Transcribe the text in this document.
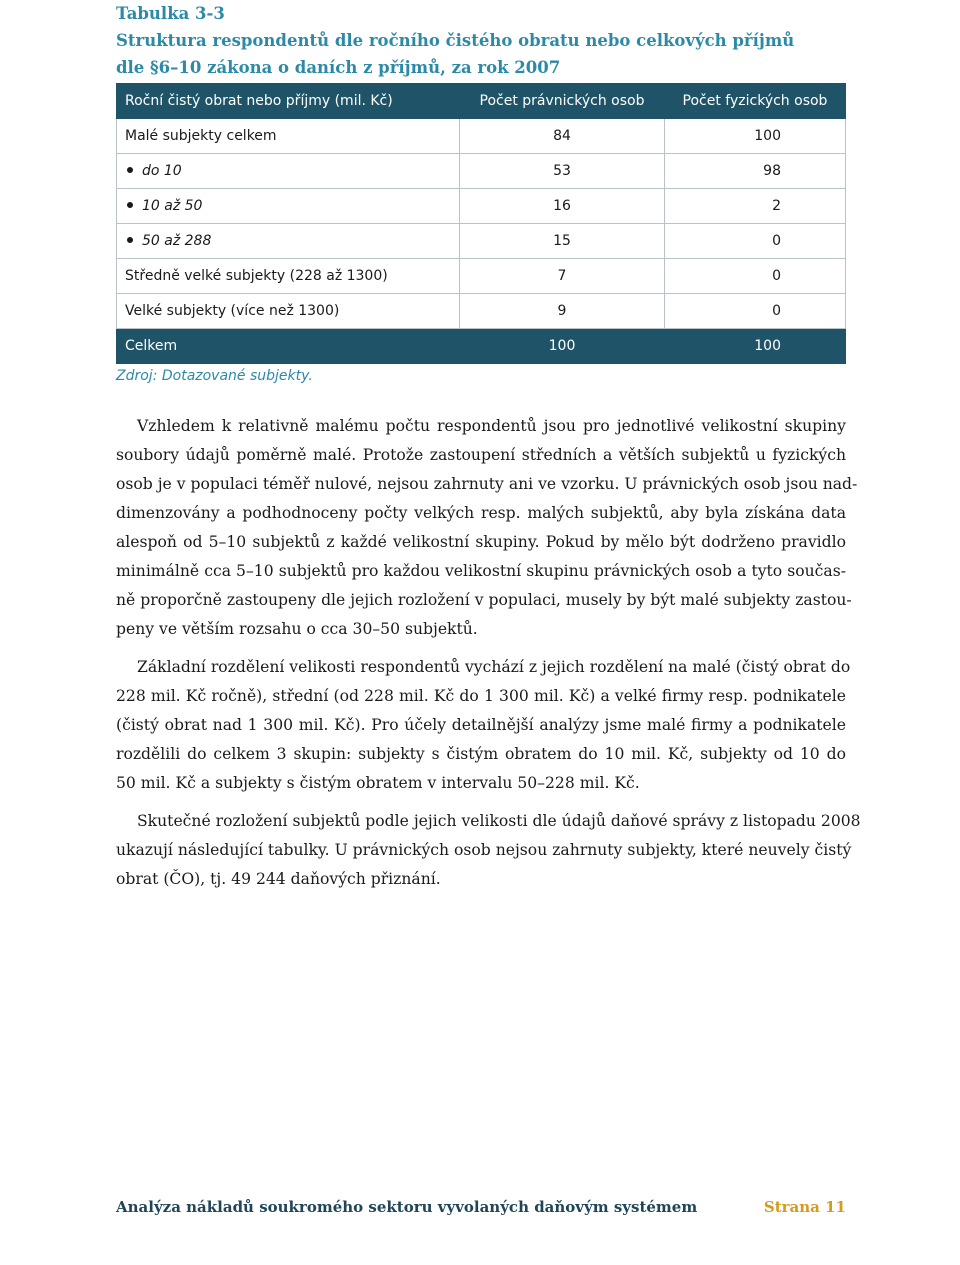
Tabulka 3-3
Struktura respondentů dle ročního čistého obratu nebo celkových příjmů
dle §6–10 zákona o daních z příjmů, za rok 2007
Roční čistý obrat nebo příjmy (mil. Kč)	Počet právnických osob	Počet fyzických osob
Malé subjekty celkem	84	100
do 10	53	98
10 až 50	16	2
50 až 288	15	0
Středně velké subjekty (228 až 1300)	7	0
Velké subjekty (více než 1300)	9	0
Celkem	100	100
Zdroj: Dotazované subjekty.
Vzhledem k relativně malému počtu respondentů jsou pro jednotlivé velikostní skupiny
soubory údajů poměrně malé. Protože zastoupení středních a větších subjektů u fyzických
osob je v populaci téměř nulové, nejsou zahrnuty ani ve vzorku. U právnických osob jsou nad-
dimenzovány a podhodnoceny počty velkých resp. malých subjektů, aby byla získána data
alespoň od 5–10 subjektů z každé velikostní skupiny. Pokud by mělo být dodrženo pravidlo
minimálně cca 5–10 subjektů pro každou velikostní skupinu právnických osob a tyto součas-
ně proporčně zastoupeny dle jejich rozložení v populaci, musely by být malé subjekty zastou-
peny ve větším rozsahu o cca 30–50 subjektů.
Základní rozdělení velikosti respondentů vychází z jejich rozdělení na malé (čistý obrat do
228 mil. Kč ročně), střední (od 228 mil. Kč do 1 300 mil. Kč) a velké firmy resp. podnikatele
(čistý obrat nad 1 300 mil. Kč). Pro účely detailnější analýzy jsme malé firmy a podnikatele
rozdělili do celkem 3 skupin: subjekty s čistým obratem do 10 mil. Kč, subjekty od 10 do
50 mil. Kč a subjekty s čistým obratem v intervalu 50–228 mil. Kč.
Skutečné rozložení subjektů podle jejich velikosti dle údajů daňové správy z listopadu 2008
ukazují následující tabulky. U právnických osob nejsou zahrnuty subjekty, které neuvely čistý
obrat (ČO), tj. 49 244 daňových přiznání.
Analýza nákladů soukromého sektoru vyvolaných daňovým systémem	Strana 11
